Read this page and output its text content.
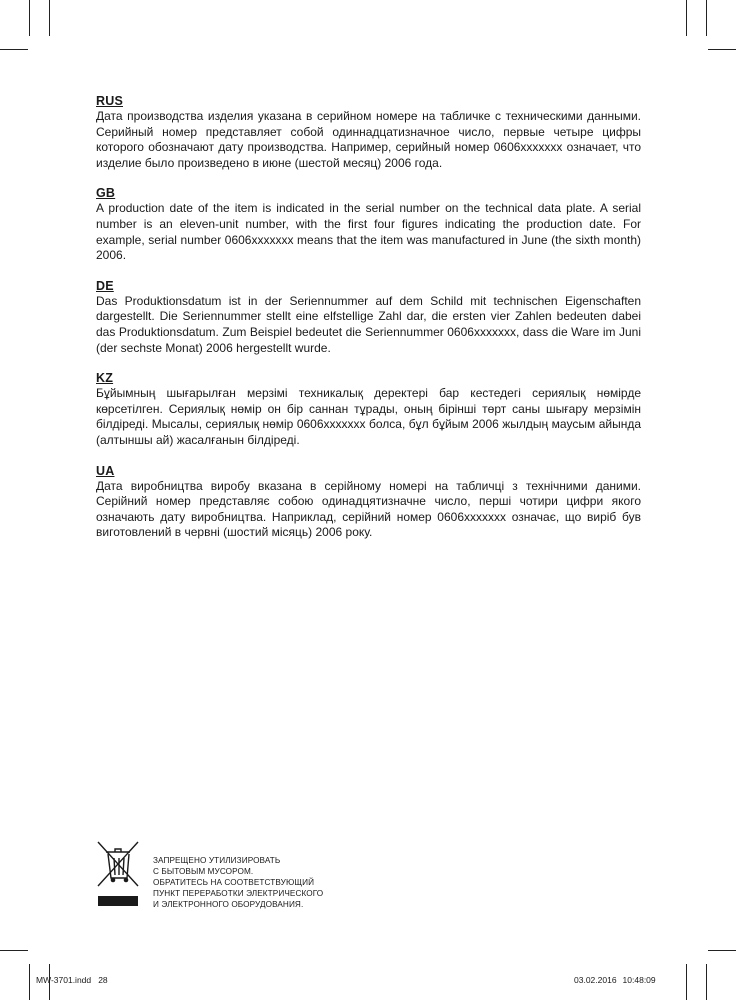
RUS

Дата производства изделия указана в серийном номере на табличке с техническими данными. Серийный номер представляет собой одиннадцатизначное число, первые четыре цифры которого обозначают дату производства. Например, серийный номер 0606xxxxxxx означает, что изделие было произведено в июне (шестой месяц) 2006 года.

GB

A production date of the item is indicated in the serial number on the technical data plate. A serial number is an eleven-unit number, with the first four figures indicating the production date. For example, serial number 0606xxxxxxx means that the item was manufactured in June (the sixth month) 2006.

DE

Das Produktionsdatum ist in der Seriennummer auf dem Schild mit technischen Eigenschaften dargestellt. Die Seriennummer stellt eine elfstellige Zahl dar, die ersten vier Zahlen bedeuten dabei das Produktionsdatum. Zum Beispiel bedeutet die Seriennummer 0606xxxxxxx, dass die Ware im Juni (der sechste Monat) 2006 hergestellt wurde.

KZ

Бұйымның шығарылған мерзімі техникалық деректері бар кестедегі сериялық нөмірде көрсетілген. Сериялық нөмір он бір саннан тұрады, оның бірінші төрт саны шығару мерзімін білдіреді. Мысалы, сериялық нөмір 0606xxxxxxx болса, бұл бұйым 2006 жылдың маусым айында (алтыншы ай) жасалғанын білдіреді.

UA

Дата виробництва виробу вказана в серійному номері на табличці з технічними даними. Серійний номер представляє собою одинадцятизначне число, перші чотири цифри якого означають дату виробництва. Наприклад, серійний номер 0606xxxxxxx означає, що виріб був виготовлений в червні (шостий місяць) 2006 року.

ЗАПРЕЩЕНО УТИЛИЗИРОВАТЬ
С БЫТОВЫМ МУСОРОМ.
ОБРАТИТЕСЬ НА СООТВЕТСТВУЮЩИЙ
ПУНКТ ПЕРЕРАБОТКИ ЭЛЕКТРИЧЕСКОГО
И ЭЛЕКТРОННОГО ОБОРУДОВАНИЯ.
MW-3701.indd   28	03.02.2016 10:48:09
